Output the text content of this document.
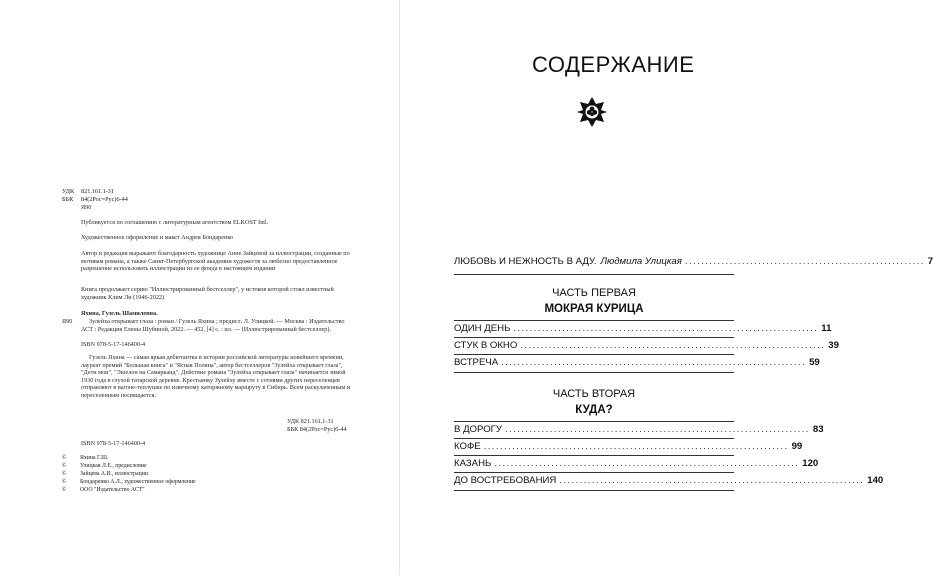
УДК 821.161.1-31
ББК 84(2Рос=Рус)6-44
Я90
Публикуется по соглашению с литературным агентством ELKOST Intl.
Художественное оформление и макет Андрея Бондаренко
Автор и редакция выражают благодарность художнице Анне Зайцевой за иллюстрации, созданные по мотивам романа, а также Санкт-Петербургской академии художеств за любезно предоставленное разрешение использовать иллюстрации из ее фонда в настоящем издании
Книга продолжает серию "Иллюстрированный бестселлер", у истоков которой стоял известный художник Клим Ли (1946-2022)
Яхина, Гузель Шамилевна.
Я90	Зулейха открывает глаза : роман / Гузель Яхина ; предисл. Л. Улицкой. — Москва : Издательство АСТ : Редакция Елены Шубиной, 2022. — 452, [4] с. : ил. — (Иллюстрированный бестселлер).
ISBN 978-5-17-146400-4
Гузель Яхина — самая яркая дебютантка в истории российской литературы новейшего времени, лауреат премий "Большая книга" и "Ясная Поляна", автор бестселлеров "Зулейха открывает глаза", "Дети мои", "Эшелон на Самарканд". Действие романа "Зулейха открывает глаза" начинается зимой 1930 года в глухой татарской деревне. Крестьянку Зулейху вместе с сотнями других переселенцев отправляют в вагоне-теплушке по извечному каторжному маршруту в Сибирь. Всем раскулаченным и переселенным посвящается.
УДК 821.161.1-31
ББК 84(2Рос=Рус)6-44
ISBN 978-5-17-146400-4
© Яхина Г.Ш.
© Улицкая Л.Е., предисловие
© Зайцева А.В., иллюстрации
© Бондаренко А.Л., художественное оформление
© ООО "Издательство АСТ"
СОДЕРЖАНИЕ
ЛЮБОВЬ И НЕЖНОСТЬ В АДУ. Людмила Улицкая ........................................................... 7
ЧАСТЬ ПЕРВАЯ
МОКРАЯ КУРИЦА
ОДИН ДЕНЬ ........................................................................... 11
СТУК В ОКНО ........................................................................... 39
ВСТРЕЧА ........................................................................... 59
ЧАСТЬ ВТОРАЯ
КУДА?
В ДОРОГУ ........................................................................... 83
КОФЕ ........................................................................... 99
КАЗАНЬ ........................................................................... 120
ДО ВОСТРЕБОВАНИЯ ........................................................................... 140
